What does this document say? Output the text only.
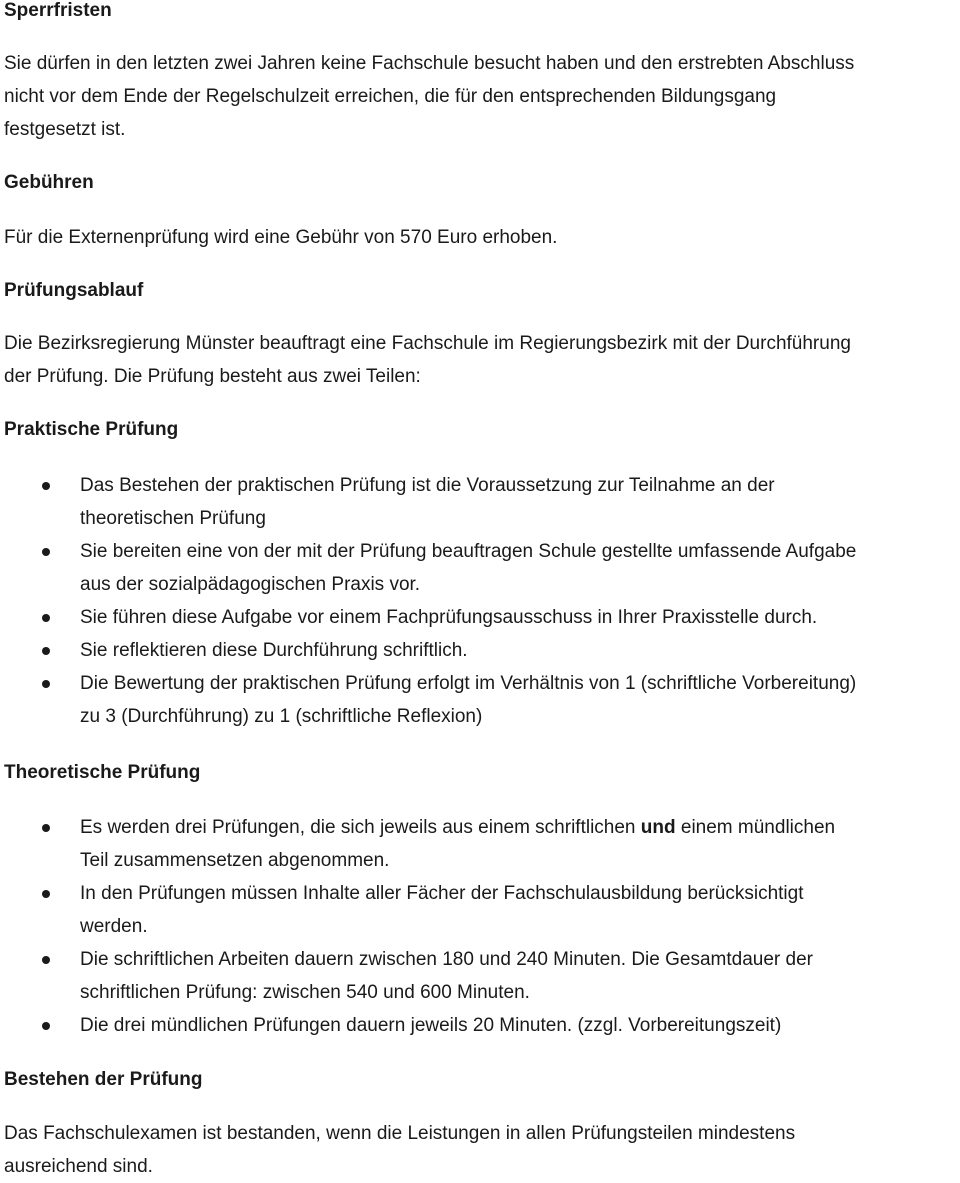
Sperrfristen
Sie dürfen in den letzten zwei Jahren keine Fachschule besucht haben und den erstrebten Abschluss
nicht vor dem Ende der Regelschulzeit erreichen, die für den entsprechenden Bildungsgang
festgesetzt ist.
Gebühren
Für die Externenprüfung wird eine Gebühr von 570 Euro erhoben.
Prüfungsablauf
Die Bezirksregierung Münster beauftragt eine Fachschule im Regierungsbezirk mit der Durchführung
der Prüfung. Die Prüfung besteht aus zwei Teilen:
Praktische Prüfung
Das Bestehen der praktischen Prüfung ist die Voraussetzung zur Teilnahme an der
theoretischen Prüfung
Sie bereiten eine von der mit der Prüfung beauftragen Schule gestellte umfassende Aufgabe
aus der sozialpädagogischen Praxis vor.
Sie führen diese Aufgabe vor einem Fachprüfungsausschuss in Ihrer Praxisstelle durch.
Sie reflektieren diese Durchführung schriftlich.
Die Bewertung der praktischen Prüfung erfolgt im Verhältnis von 1 (schriftliche Vorbereitung)
zu 3 (Durchführung) zu 1 (schriftliche Reflexion)
Theoretische Prüfung
Es werden drei Prüfungen, die sich jeweils aus einem schriftlichen und einem mündlichen
Teil zusammensetzen abgenommen.
In den Prüfungen müssen Inhalte aller Fächer der Fachschulausbildung berücksichtigt
werden.
Die schriftlichen Arbeiten dauern zwischen 180 und 240 Minuten. Die Gesamtdauer der
schriftlichen Prüfung: zwischen 540 und 600 Minuten.
Die drei mündlichen Prüfungen dauern jeweils 20 Minuten. (zzgl. Vorbereitungszeit)
Bestehen der Prüfung
Das Fachschulexamen ist bestanden, wenn die Leistungen in allen Prüfungsteilen mindestens
ausreichend sind.
